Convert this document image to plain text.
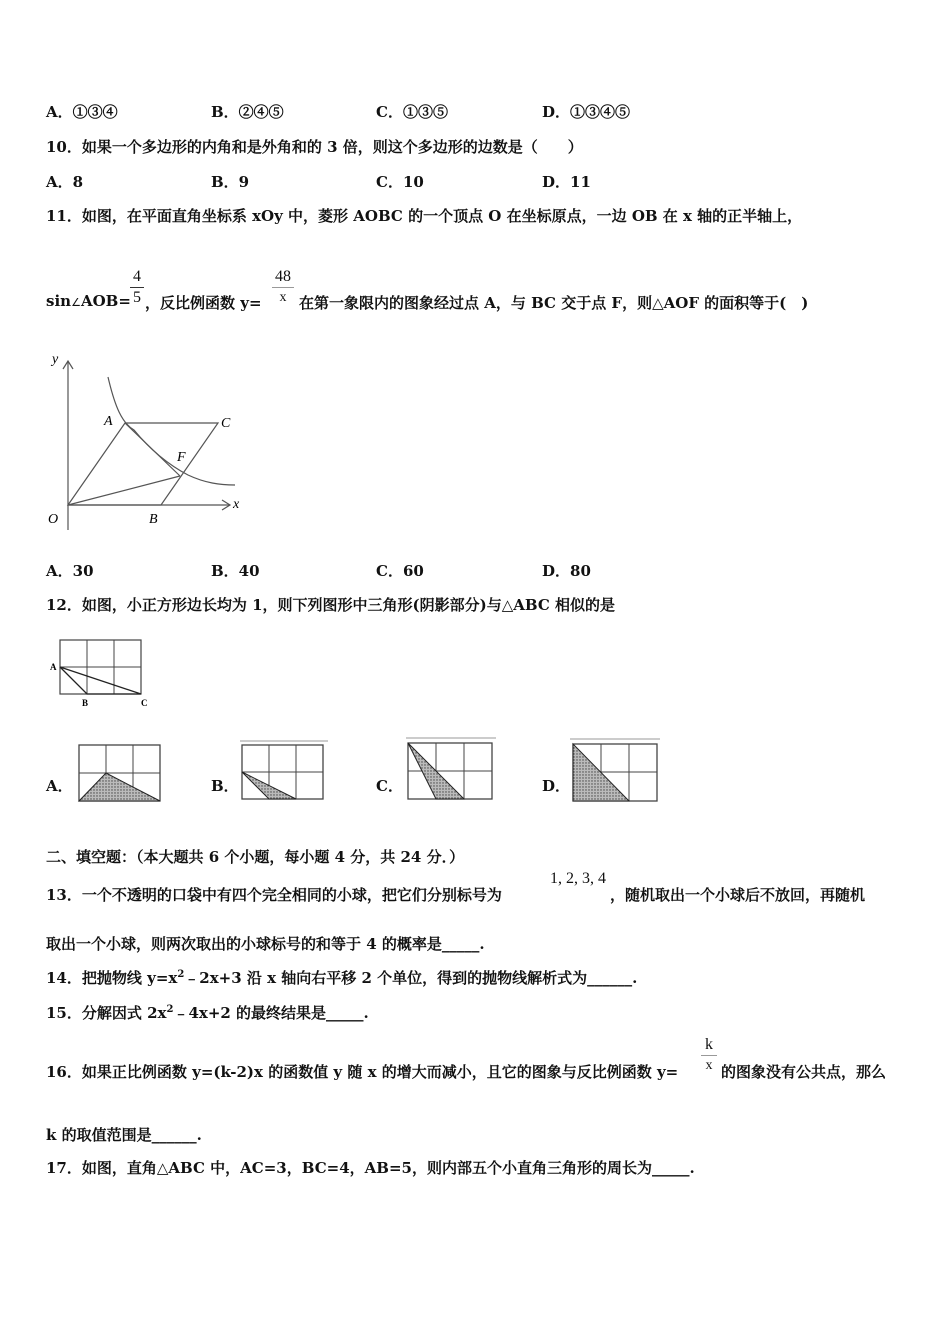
A．①③④	B．②④⑤	C．①③⑤	D．①③④⑤
10．如果一个多边形的内角和是外角和的 3 倍，则这个多边形的边数是（　　）
A．8	B．9	C．10	D．11
11．如图，在平面直角坐标系 xOy 中，菱形 AOBC 的一个顶点 O 在坐标原点，一边 OB 在 x 轴的正半轴上，
sin∠AOB=
4
5 ，反比例函数 y=
48
x 在第一象限内的图象经过点 A，与 BC 交于点 F，则△AOF 的面积等于(　)
y
x
O
A	C
F
B
A．30	B．40	C．60	D．80
12．如图，小正方形边长均为 1，则下列图形中三角形(阴影部分)与△ABC 相似的是
A
B	C
A．	B．	C．	D．
二、填空题：（本大题共 6 个小题，每小题 4 分，共 24 分．）
13．一个不透明的口袋中有四个完全相同的小球，把它们分别标号为
1, 2, 3, 4
，随机取出一个小球后不放回，再随机
取出一个小球，则两次取出的小球标号的和等于 4 的概率是_____.
14．把抛物线 $y=x^2﹣2x+3$ 沿 x 轴向右平移 2 个单位，得到的抛物线解析式为______.
15．分解因式 $2x^2﹣4x+2$ 的最终结果是_____.
16．如果正比例函数 y=(k-2)x 的函数值 y 随 x 的增大而减小，且它的图象与反比例函数 y=
k
x 的图象没有公共点，那么
k 的取值范围是______.
17．如图，直角△ABC 中，AC=3，BC=4，AB=5，则内部五个小直角三角形的周长为_____.
